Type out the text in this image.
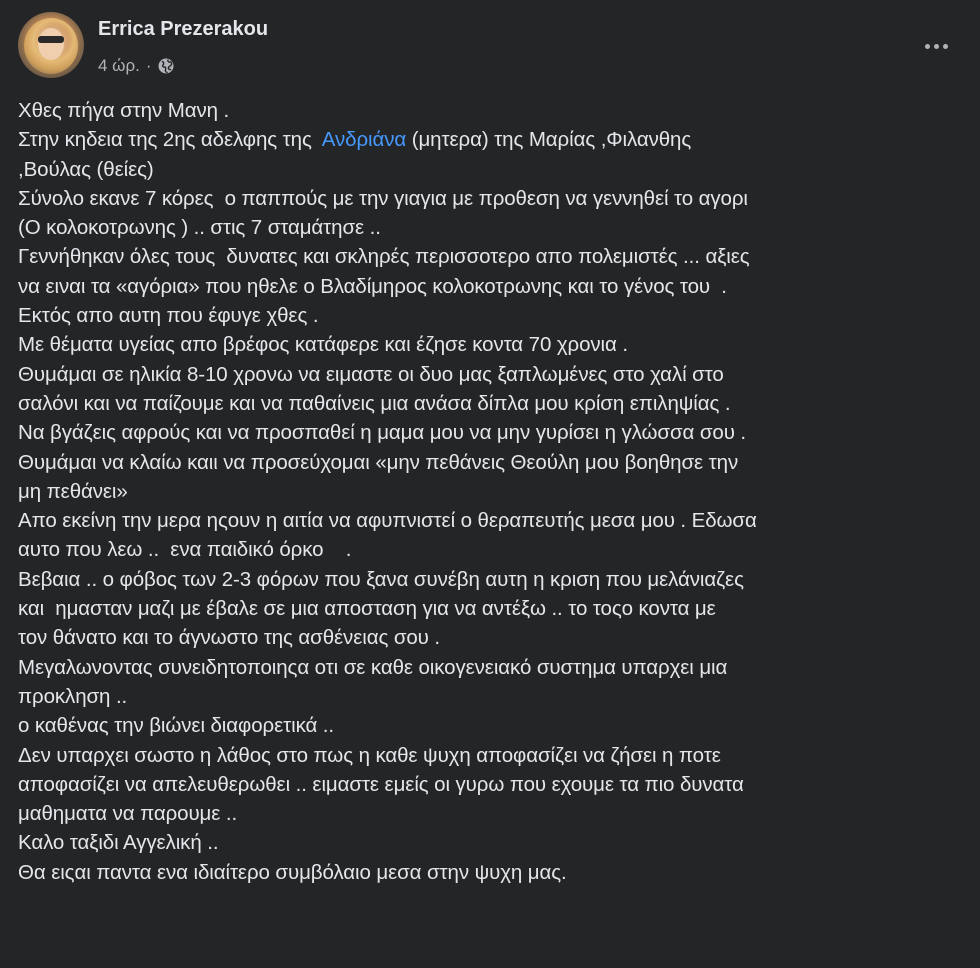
Errica Prezerakou
4 ώρ. ·
Χθες πήγα στην Μανη .
Στην κηδεια της 2ης αδελφης της  Ανδριάνα (μητερα) της Μαρίας ,Φιλανθης
,Βούλας (θείες)
Σύνολο εκανε 7 κόρες  ο παππούς με την γιαγια με προθεση να γεννηθεί το αγορι
(Ο κολοκοτρωνης ) .. στις 7 σταμάτησε ..
Γεννήθηκαν όλες τους  δυνατες και σκληρές περισσοτερο απο πολεμιστές ... αξιες
να ειναι τα «αγόρια» που ηθελε ο Βλαδίμηρος κολοκοτρωνης και το γένος του  .
Εκτός απο αυτη που έφυγε χθες .
Με θέματα υγείας απο βρέφος κατάφερε και έζησε κοντα 70 χρονια .
Θυμάμαι σε ηλικία 8-10 χρονω να ειμαστε οι δυο μας ξαπλωμένες στο χαλί στο
σαλόνι και να παίζουμε και να παθαίνεις μια ανάσα δίπλα μου κρίση επιληψίας .
Να βγάζεις αφρούς και να προσπαθεί η μαμα μου να μην γυρίσει η γλώσσα σου .
Θυμάμαι να κλαίω καιι να προσεύχομαι «μην πεθάνεις Θεούλη μου βοηθησε την
μη πεθάνει»
Απο εκείνη την μερα ηςουν η αιτία να αφυπνιστεί ο θεραπευτής μεσα μου . Εδωσα
αυτο που λεω ..  ενα παιδικό όρκο    .
Βεβαια .. ο φόβος των 2-3 φόρων που ξανα συνέβη αυτη η κριση που μελάνιαζες
και  ημασταν μαζι με έβαλε σε μια αποσταση για να αντέξω .. το τοςο κοντα με
τον θάνατο και το άγνωστο της ασθένειας σου .
Μεγαλωνοντας συνειδητοποιηςα οτι σε καθε οικογενειακό συστημα υπαρχει μια
προκληση ..
ο καθένας την βιώνει διαφορετικά ..
Δεν υπαρχει σωστο η λάθος στο πως η καθε ψυχη αποφασίζει να ζήσει η ποτε
αποφασίζει να απελευθερωθει .. ειμαστε εμείς οι γυρω που εχουμε τα πιο δυνατα
μαθηματα να παρουμε ..
Καλο ταξιδι Αγγελική ..
Θα ειςαι παντα ενα ιδιαίτερο συμβόλαιο μεσα στην ψυχη μας.
